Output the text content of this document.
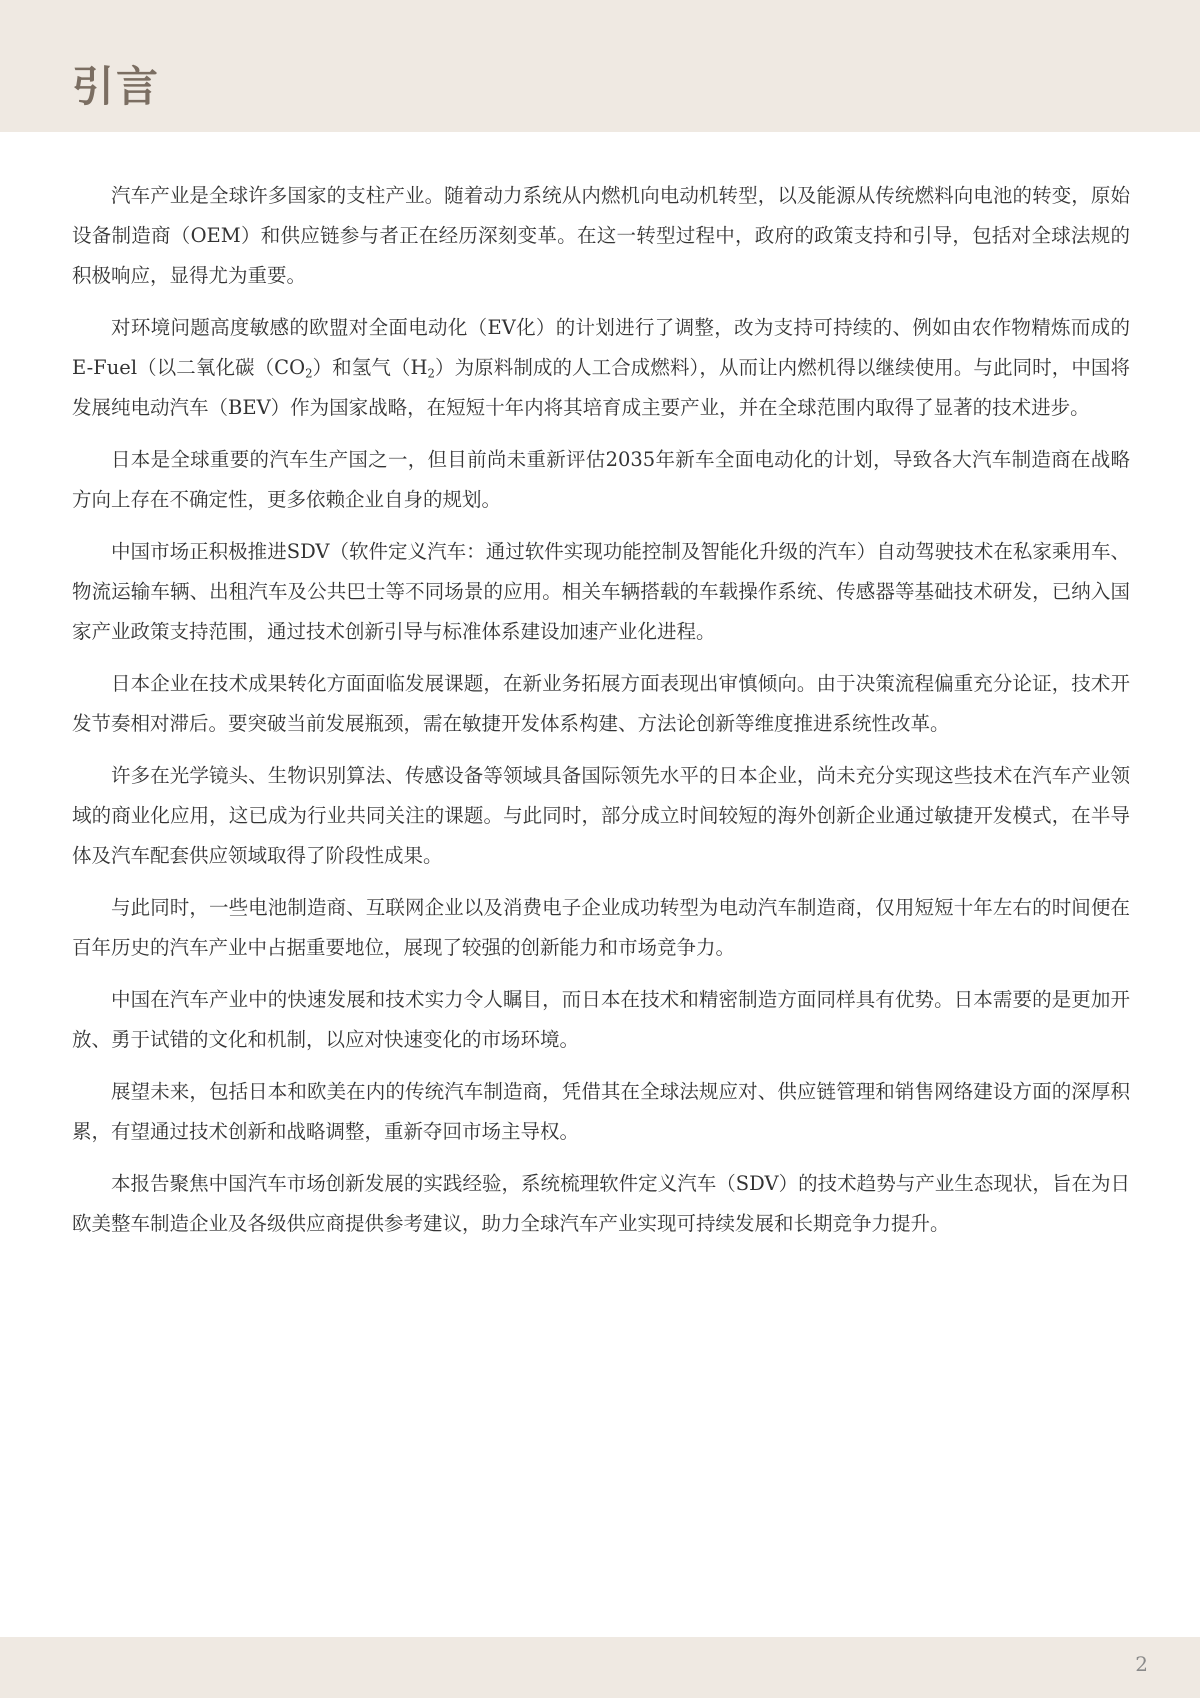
引言

汽车产业是全球许多国家的支柱产业。随着动力系统从内燃机向电动机转型，以及能源从传统燃料向电池的转变，原始设备制造商（OEM）和供应链参与者正在经历深刻变革。在这一转型过程中，政府的政策支持和引导，包括对全球法规的积极响应，显得尤为重要。

对环境问题高度敏感的欧盟对全面电动化（EV化）的计划进行了调整，改为支持可持续的、例如由农作物精炼而成的E-Fuel（以二氧化碳$(CO_2)$和氢气$(H_2)$为原料制成的人工合成燃料），从而让内燃机得以继续使用。与此同时，中国将发展纯电动汽车（BEV）作为国家战略，在短短十年内将其培育成主要产业，并在全球范围内取得了显著的技术进步。

日本是全球重要的汽车生产国之一，但目前尚未重新评估2035年新车全面电动化的计划，导致各大汽车制造商在战略方向上存在不确定性，更多依赖企业自身的规划。

中国市场正积极推进SDV（软件定义汽车：通过软件实现功能控制及智能化升级的汽车）自动驾驶技术在私家乘用车、物流运输车辆、出租汽车及公共巴士等不同场景的应用。相关车辆搭载的车载操作系统、传感器等基础技术研发，已纳入国家产业政策支持范围，通过技术创新引导与标准体系建设加速产业化进程。

日本企业在技术成果转化方面面临发展课题，在新业务拓展方面表现出审慎倾向。由于决策流程偏重充分论证，技术开发节奏相对滞后。要突破当前发展瓶颈，需在敏捷开发体系构建、方法论创新等维度推进系统性改革。

许多在光学镜头、生物识别算法、传感设备等领域具备国际领先水平的日本企业，尚未充分实现这些技术在汽车产业领域的商业化应用，这已成为行业共同关注的课题。与此同时，部分成立时间较短的海外创新企业通过敏捷开发模式，在半导体及汽车配套供应领域取得了阶段性成果。

与此同时，一些电池制造商、互联网企业以及消费电子企业成功转型为电动汽车制造商，仅用短短十年左右的时间便在百年历史的汽车产业中占据重要地位，展现了较强的创新能力和市场竞争力。

中国在汽车产业中的快速发展和技术实力令人瞩目，而日本在技术和精密制造方面同样具有优势。日本需要的是更加开放、勇于试错的文化和机制，以应对快速变化的市场环境。

展望未来，包括日本和欧美在内的传统汽车制造商，凭借其在全球法规应对、供应链管理和销售网络建设方面的深厚积累，有望通过技术创新和战略调整，重新夺回市场主导权。

本报告聚焦中国汽车市场创新发展的实践经验，系统梳理软件定义汽车（SDV）的技术趋势与产业生态现状，旨在为日欧美整车制造企业及各级供应商提供参考建议，助力全球汽车产业实现可持续发展和长期竞争力提升。

2
